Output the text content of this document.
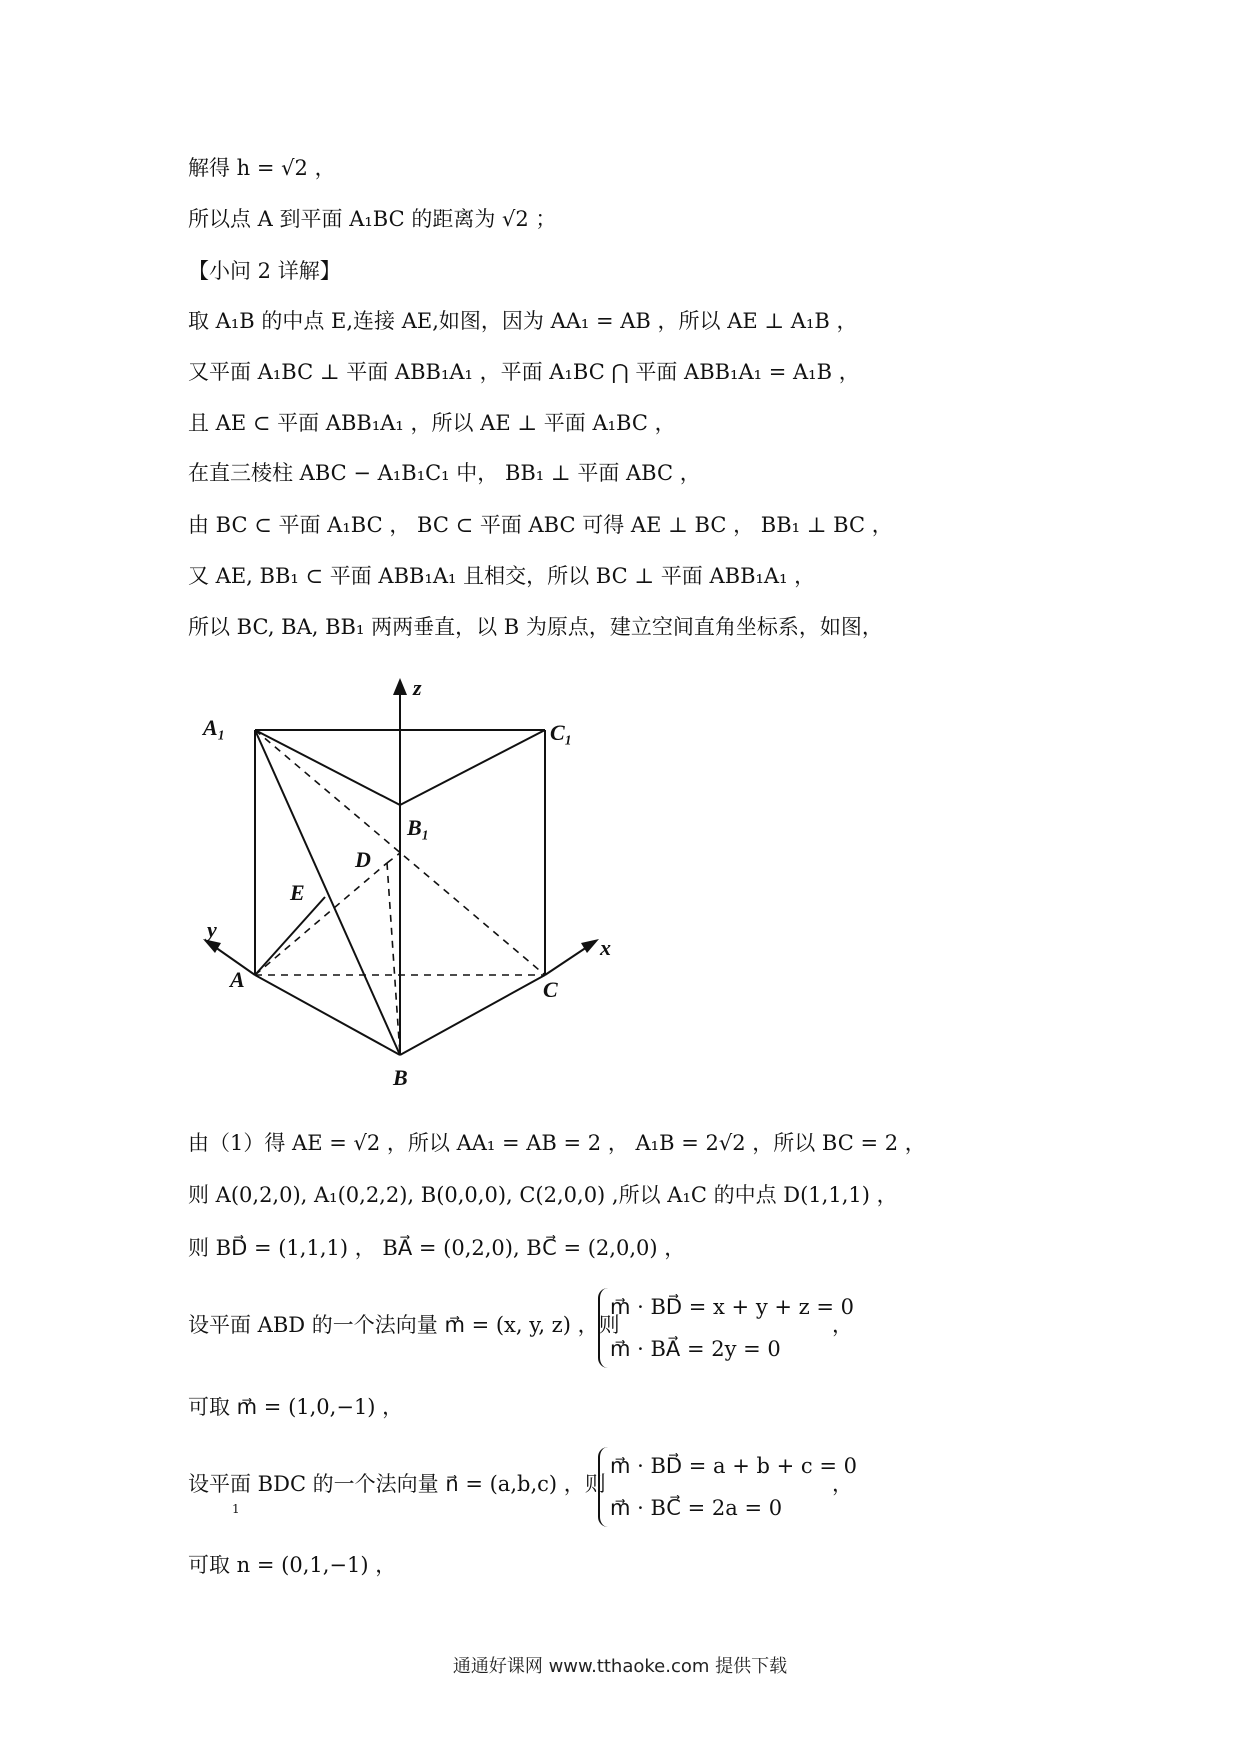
解得 h = √2 ，
所以点 A 到平面 A₁BC 的距离为 √2 ；
【小问 2 详解】
取 A₁B 的中点 E,连接 AE,如图，因为 AA₁ = AB ，所以 AE ⊥ A₁B ，
又平面 A₁BC ⊥ 平面 ABB₁A₁ ，平面 A₁BC ⋂ 平面 ABB₁A₁ = A₁B ，
且 AE ⊂ 平面 ABB₁A₁ ，所以 AE ⊥ 平面 A₁BC ，
在直三棱柱 ABC − A₁B₁C₁ 中， BB₁ ⊥ 平面 ABC ，
由 BC ⊂ 平面 A₁BC ， BC ⊂ 平面 ABC 可得 AE ⊥ BC ， BB₁ ⊥ BC ，
又 AE, BB₁ ⊂ 平面 ABB₁A₁ 且相交，所以 BC ⊥ 平面 ABB₁A₁ ，
所以 BC, BA, BB₁ 两两垂直，以 B 为原点，建立空间直角坐标系，如图，
A₁	C₁
B₁
D
E
A
B
C
x
y
z
由（1）得 AE = √2 ，所以 AA₁ = AB = 2 ， A₁B = 2√2 ，所以 BC = 2 ，
则 A(0,2,0), A₁(0,2,2), B(0,0,0), C(2,0,0) ,所以 A₁C 的中点 D(1,1,1) ，
则 BD⃗ = (1,1,1) ， BA⃗ = (0,2,0), BC⃗ = (2,0,0) ，
设平面 ABD 的一个法向量 m⃗ = (x, y, z) ，则
m⃗ · BD⃗ = x + y + z = 0
m⃗ · BA⃗ = 2y = 0
，
可取 m⃗ = (1,0,−1) ，
设平面 BDC 的一个法向量 n⃗ = (a,b,c) ，则
m⃗ · BD⃗ = a + b + c = 0
m⃗ · BC⃗ = 2a = 0
，
1
可取 n = (0,1,−1) ，
通通好课网 www.tthaoke.com 提供下载
